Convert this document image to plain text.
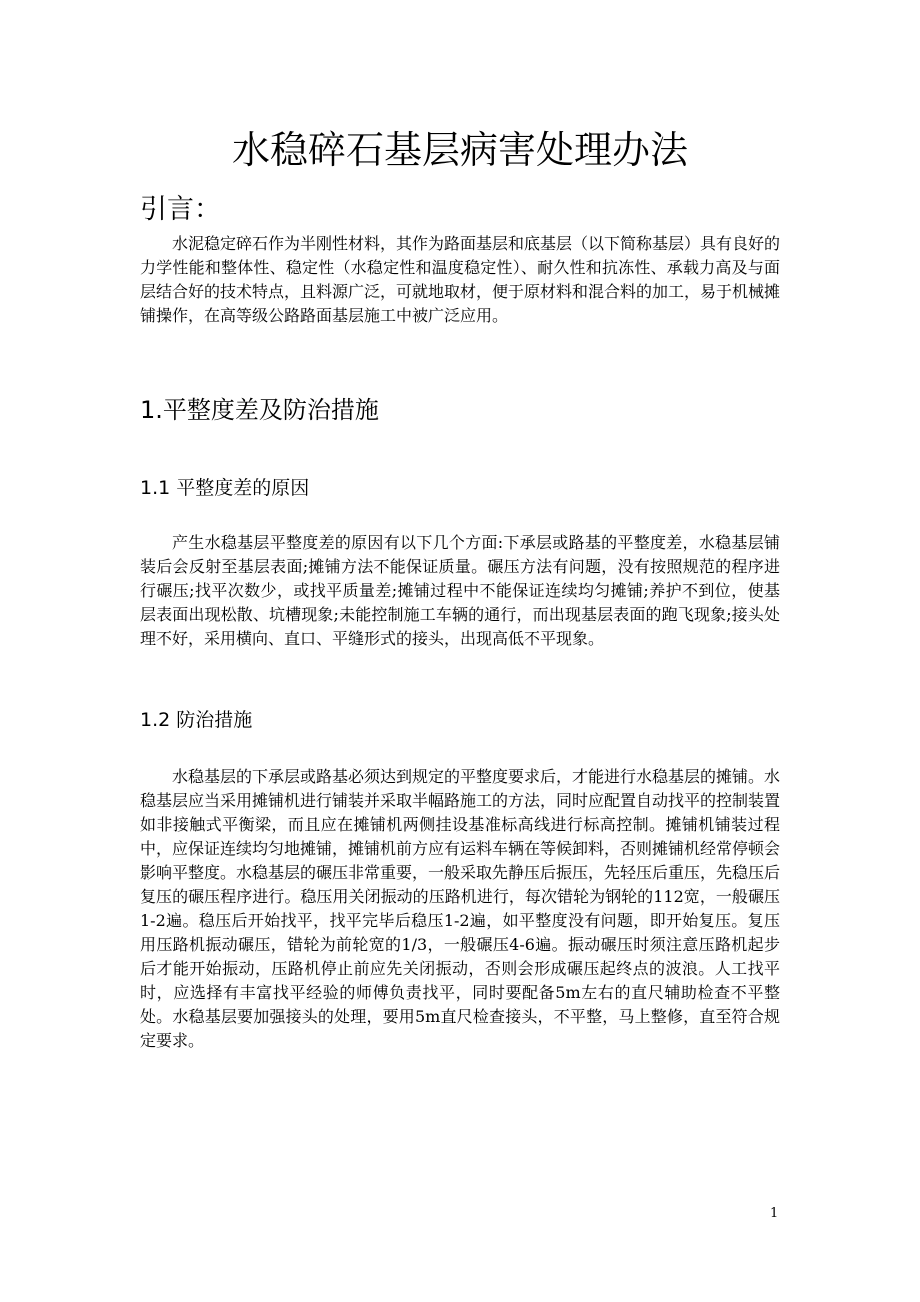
水稳碎石基层病害处理办法
引言：

水泥稳定碎石作为半刚性材料，其作为路面基层和底基层（以下简称基层）具有良好的力学性能和整体性、稳定性（水稳定性和温度稳定性）、耐久性和抗冻性、承载力高及与面层结合好的技术特点，且料源广泛，可就地取材，便于原材料和混合料的加工，易于机械摊铺操作，在高等级公路路面基层施工中被广泛应用。

1.平整度差及防治措施
1.1 平整度差的原因

产生水稳基层平整度差的原因有以下几个方面:下承层或路基的平整度差，水稳基层铺装后会反射至基层表面;摊铺方法不能保证质量。碾压方法有问题，没有按照规范的程序进行碾压;找平次数少，或找平质量差;摊铺过程中不能保证连续均匀摊铺;养护不到位，使基层表面出现松散、坑槽现象;未能控制施工车辆的通行，而出现基层表面的跑飞现象;接头处理不好，采用横向、直口、平缝形式的接头，出现高低不平现象。

1.2 防治措施

水稳基层的下承层或路基必须达到规定的平整度要求后，才能进行水稳基层的摊铺。水稳基层应当采用摊铺机进行铺装并采取半幅路施工的方法，同时应配置自动找平的控制装置如非接触式平衡梁，而且应在摊铺机两侧挂设基准标高线进行标高控制。摊铺机铺装过程中，应保证连续均匀地摊铺，摊铺机前方应有运料车辆在等候卸料，否则摊铺机经常停顿会影响平整度。水稳基层的碾压非常重要，一般采取先静压后振压，先轻压后重压，先稳压后复压的碾压程序进行。稳压用关闭振动的压路机进行，每次错轮为钢轮的112宽，一般碾压1-2遍。稳压后开始找平，找平完毕后稳压1-2遍，如平整度没有问题，即开始复压。复压用压路机振动碾压，错轮为前轮宽的1/3，一般碾压4-6遍。振动碾压时须注意压路机起步后才能开始振动，压路机停止前应先关闭振动，否则会形成碾压起终点的波浪。人工找平时，应选择有丰富找平经验的师傅负责找平，同时要配备5m左右的直尺辅助检查不平整处。水稳基层要加强接头的处理，要用5m直尺检查接头，不平整，马上整修，直至符合规定要求。

1
